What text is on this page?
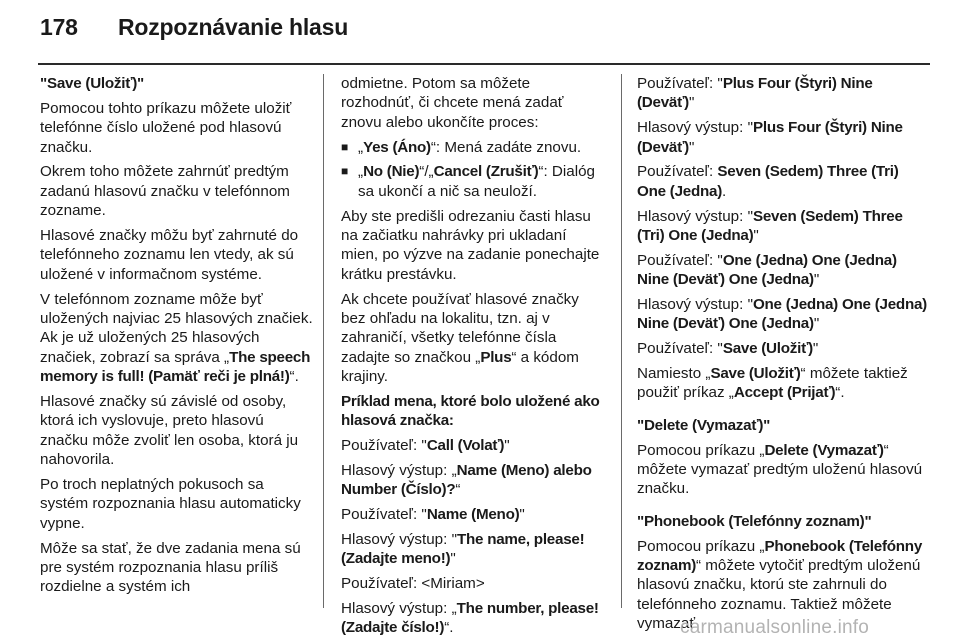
178	Rozpoznávanie hlasu

"Save (Uložiť)"

Pomocou tohto príkazu môžete uložiť telefónne číslo uložené pod hlasovú značku.

Okrem toho môžete zahrnúť predtým zadanú hlasovú značku v telefónnom zozname.

Hlasové značky môžu byť zahrnuté do telefónneho zoznamu len vtedy, ak sú uložené v informačnom systéme.

V telefónnom zozname môže byť uložených najviac 25 hlasových značiek. Ak je už uložených 25 hlasových značiek, zobrazí sa správa „The speech memory is full! (Pamäť reči je plná!)“.

Hlasové značky sú závislé od osoby, ktorá ich vyslovuje, preto hlasovú značku môže zvoliť len osoba, ktorá ju nahovorila.

Po troch neplatných pokusoch sa systém rozpoznania hlasu automaticky vypne.

Môže sa stať, že dve zadania mena sú pre systém rozpoznania hlasu príliš rozdielne a systém ich

odmietne. Potom sa môžete rozhodnúť, či chcete mená zadať znovu alebo ukončíte proces:

■ „Yes (Áno)“: Mená zadáte znovu.
■ „No (Nie)“/„Cancel (Zrušiť)“: Dialóg sa ukončí a nič sa neuloží.

Aby ste predišli odrezaniu časti hlasu na začiatku nahrávky pri ukladaní mien, po výzve na zadanie ponechajte krátku prestávku.

Ak chcete používať hlasové značky bez ohľadu na lokalitu, tzn. aj v zahraničí, všetky telefónne čísla zadajte so značkou „Plus“ a kódom krajiny.

Príklad mena, ktoré bolo uložené ako hlasová značka:

Používateľ: "Call (Volať)"

Hlasový výstup: „Name (Meno) alebo Number (Číslo)?“

Používateľ: "Name (Meno)"

Hlasový výstup: "The name, please! (Zadajte meno!)"

Používateľ: <Miriam>

Hlasový výstup: „The number, please! (Zadajte číslo!)“.

Používateľ: "Plus Four (Štyri) Nine (Deväť)"

Hlasový výstup: "Plus Four (Štyri) Nine (Deväť)"

Používateľ: Seven (Sedem) Three (Tri) One (Jedna).

Hlasový výstup: "Seven (Sedem) Three (Tri) One (Jedna)"

Používateľ: "One (Jedna) One (Jedna) Nine (Deväť) One (Jedna)"

Hlasový výstup: "One (Jedna) One (Jedna) Nine (Deväť) One (Jedna)"

Používateľ: "Save (Uložiť)"

Namiesto „Save (Uložiť)“ môžete taktiež použiť príkaz „Accept (Prijať)“.

"Delete (Vymazať)"

Pomocou príkazu „Delete (Vymazať)“ môžete vymazať predtým uloženú hlasovú značku.

"Phonebook (Telefónny zoznam)"

Pomocou príkazu „Phonebook (Telefónny zoznam)“ môžete vytočiť predtým uloženú hlasovú značku, ktorú ste zahrnuli do telefónneho zoznamu. Taktiež môžete vymazať

carmanualsonline.info
